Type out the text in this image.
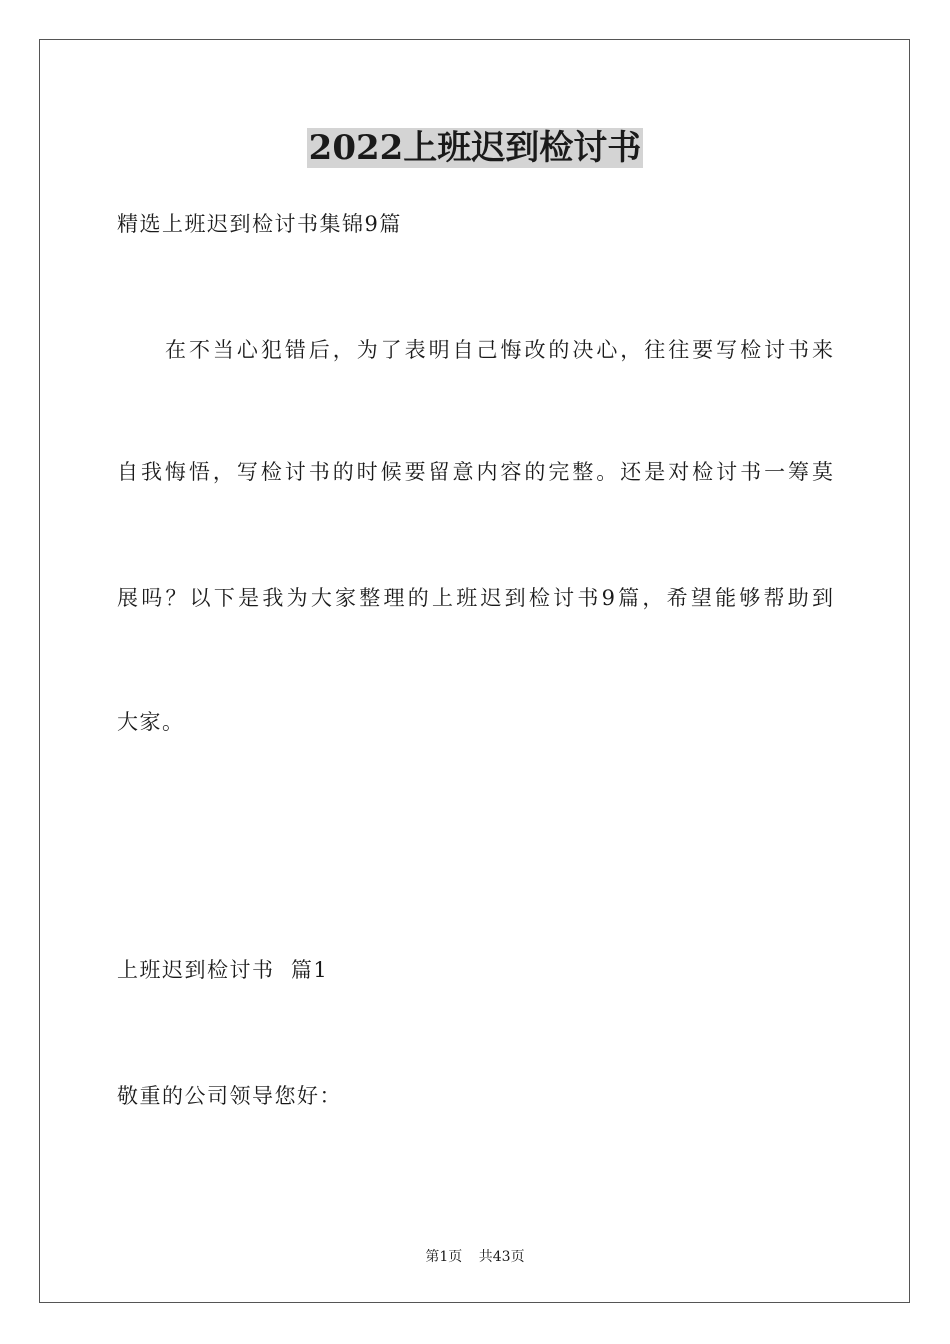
2022上班迟到检讨书
精选上班迟到检讨书集锦9篇
在不当心犯错后，为了表明自己悔改的决心，往往要写检讨书来
自我悔悟，写检讨书的时候要留意内容的完整。还是对检讨书一筹莫
展吗？以下是我为大家整理的上班迟到检讨书9篇，希望能够帮助到
大家。
上班迟到检讨书  篇1
敬重的公司领导您好：
第1页 共43页
